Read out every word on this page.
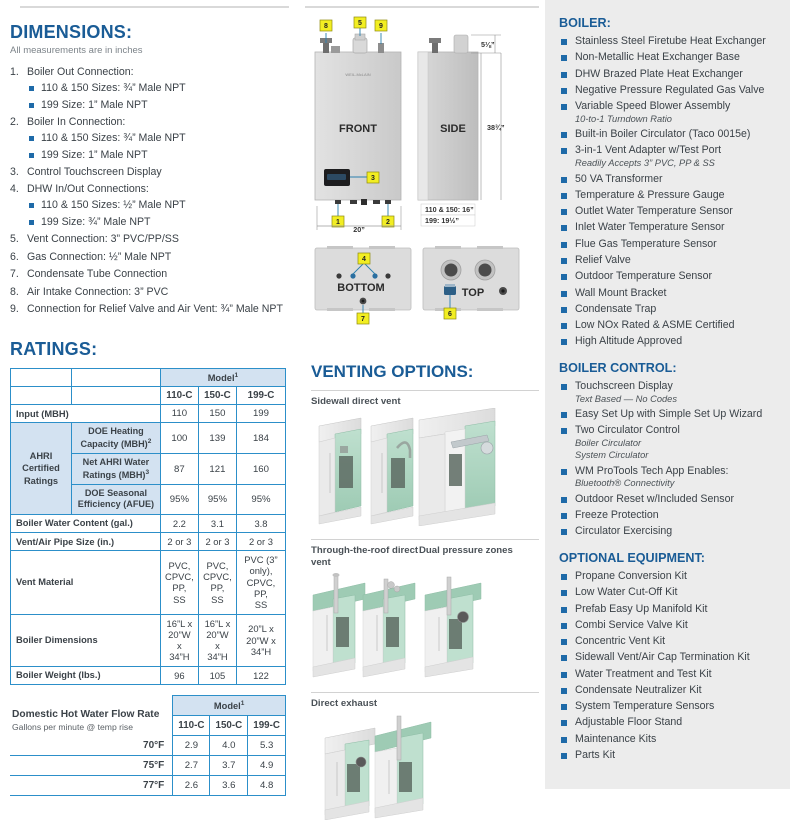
DIMENSIONS:

All measurements are in inches

1. Boiler Out Connection:
110 & 150 Sizes: ¾” Male NPT
199 Size: 1” Male NPT
2. Boiler In Connection:
110 & 150 Sizes: ¾” Male NPT
199 Size: 1” Male NPT
3. Control Touchscreen Display
4. DHW In/Out Connections:
110 & 150 Sizes: ½” Male NPT
199 Size: ¾” Male NPT
5. Vent Connection: 3” PVC/PP/SS
6. Gas Connection: ½” Male NPT
7. Condensate Tube Connection
8. Air Intake Connection: 3” PVC
9. Connection for Relief Valve and Air Vent: ¾” Male NPT
RATINGS:
		Model$^1$
		110-C	150-C	199-C
Input (MBH)		110	150	199
AHRI Certified Ratings	DOE Heating Capacity (MBH)$^2$	100	139	184
	Net AHRI Water Ratings (MBH)$^3$	87	121	160
	DOE Seasonal Efficiency (AFUE)	95%	95%	95%
Boiler Water Content (gal.)		2.2	3.1	3.8
Vent/Air Pipe Size (in.)		2 or 3	2 or 3	2 or 3
Vent Material		PVC,
CPVC,
PP,
SS	PVC,
CPVC,
PP,
SS	PVC (3” only),
CPVC,
PP,
SS
Boiler Dimensions		16”L x
20”W x
34”H	16”L x
20”W x
34”H	20”L x
20”W x
34”H
Boiler Weight (lbs.)		96	105	122
Domestic Hot Water Flow Rate
Gallons per minute @ temp rise	Model$^1$
	110-C	150-C	199-C
70°F	2.9	4.0	5.3
75°F	2.7	3.7	4.9
77°F	2.6	3.6	4.8
FRONT
WEIL-McLAIN
8	5 9
3
1	2
20”
SIDE
5⅛”
38¾”
110 & 150: 16”
199: 19½”
4
BOTTOM
7
TOP
6
VENTING OPTIONS:
Sidewall direct vent
Through-the-roof direct vent
Dual pressure zones
Direct exhaust
BOILER:
Stainless Steel Firetube Heat Exchanger
Non-Metallic Heat Exchanger Base
DHW Brazed Plate Heat Exchanger
Negative Pressure Regulated Gas Valve
Variable Speed Blower Assembly
10-to-1 Turndown Ratio
Built-in Boiler Circulator (Taco 0015e)
3-in-1 Vent Adapter w/Test Port
Readily Accepts 3” PVC, PP & SS
50 VA Transformer
Temperature & Pressure Gauge
Outlet Water Temperature Sensor
Inlet Water Temperature Sensor
Flue Gas Temperature Sensor
Relief Valve
Outdoor Temperature Sensor
Wall Mount Bracket
Condensate Trap
Low NOx Rated & ASME Certified
High Altitude Approved
BOILER CONTROL:
Touchscreen Display
Text Based — No Codes
Easy Set Up with Simple Set Up Wizard
Two Circulator Control
Boiler Circulator
System Circulator
WM ProTools Tech App Enables:
Bluetooth® Connectivity
Outdoor Reset w/Included Sensor
Freeze Protection
Circulator Exercising
OPTIONAL EQUIPMENT:
Propane Conversion Kit
Low Water Cut-Off Kit
Prefab Easy Up Manifold Kit
Combi Service Valve Kit
Concentric Vent Kit
Sidewall Vent/Air Cap Termination Kit
Water Treatment and Test Kit
Condensate Neutralizer Kit
System Temperature Sensors
Adjustable Floor Stand
Maintenance Kits
Parts Kit
